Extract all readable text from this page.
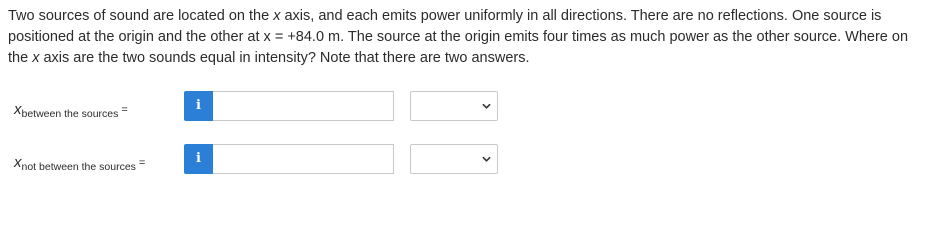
Two sources of sound are located on the x axis, and each emits power uniformly in all directions. There are no reflections. One source is positioned at the origin and the other at x = +84.0 m. The source at the origin emits four times as much power as the other source. Where on the x axis are the two sounds equal in intensity? Note that there are two answers.

$x_{between the sources}$ =	i
$x_{not between the sources}$ =	i
